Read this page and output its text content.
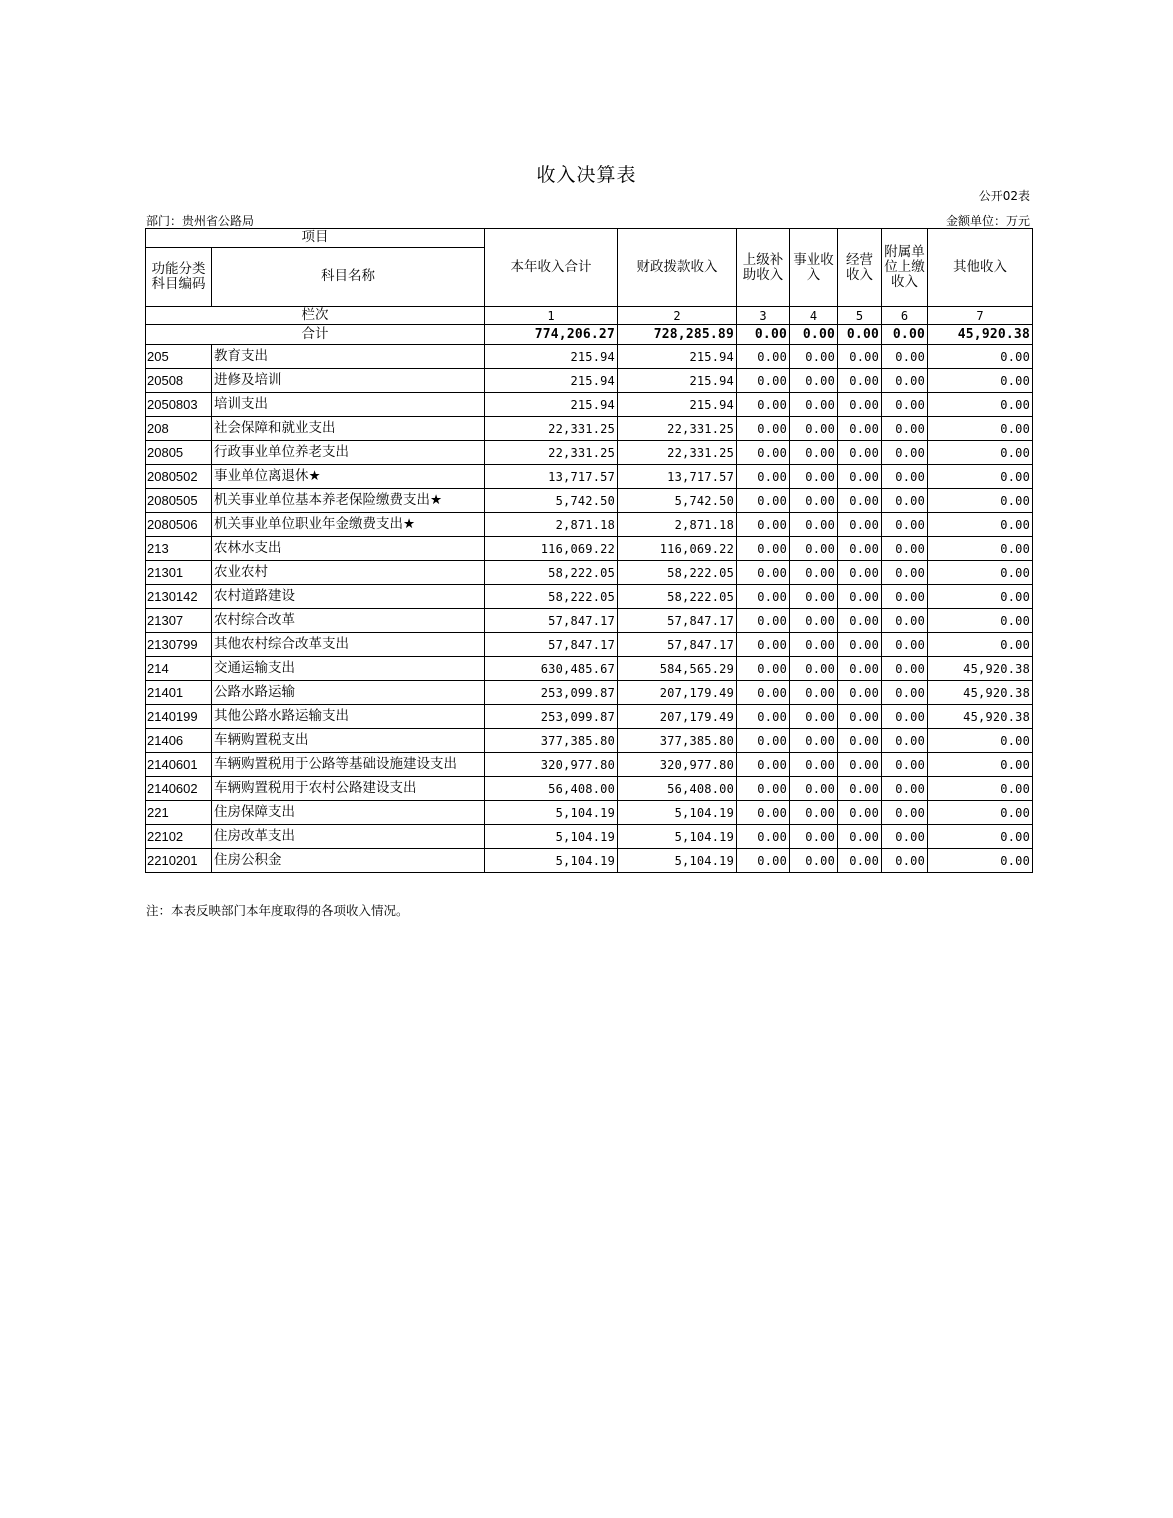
收入决算表
公开02表
部门：贵州省公路局	金额单位：万元
项目		本年收入合计	财政拨款收入	上级补助收入	事业收入	经营收入	附属单位上缴收入	其他收入
功能分类科目编码	科目名称							
栏次		1	2	3	4	5	6	7
合计		774,206.27	728,285.89	0.00	0.00	0.00	0.00	45,920.38
205	教育支出	215.94	215.94	0.00	0.00	0.00	0.00	0.00
20508	进修及培训	215.94	215.94	0.00	0.00	0.00	0.00	0.00
2050803	培训支出	215.94	215.94	0.00	0.00	0.00	0.00	0.00
208	社会保障和就业支出	22,331.25	22,331.25	0.00	0.00	0.00	0.00	0.00
20805	行政事业单位养老支出	22,331.25	22,331.25	0.00	0.00	0.00	0.00	0.00
2080502	事业单位离退休★	13,717.57	13,717.57	0.00	0.00	0.00	0.00	0.00
2080505	机关事业单位基本养老保险缴费支出★	5,742.50	5,742.50	0.00	0.00	0.00	0.00	0.00
2080506	机关事业单位职业年金缴费支出★	2,871.18	2,871.18	0.00	0.00	0.00	0.00	0.00
213	农林水支出	116,069.22	116,069.22	0.00	0.00	0.00	0.00	0.00
21301	农业农村	58,222.05	58,222.05	0.00	0.00	0.00	0.00	0.00
2130142	农村道路建设	58,222.05	58,222.05	0.00	0.00	0.00	0.00	0.00
21307	农村综合改革	57,847.17	57,847.17	0.00	0.00	0.00	0.00	0.00
2130799	其他农村综合改革支出	57,847.17	57,847.17	0.00	0.00	0.00	0.00	0.00
214	交通运输支出	630,485.67	584,565.29	0.00	0.00	0.00	0.00	45,920.38
21401	公路水路运输	253,099.87	207,179.49	0.00	0.00	0.00	0.00	45,920.38
2140199	其他公路水路运输支出	253,099.87	207,179.49	0.00	0.00	0.00	0.00	45,920.38
21406	车辆购置税支出	377,385.80	377,385.80	0.00	0.00	0.00	0.00	0.00
2140601	车辆购置税用于公路等基础设施建设支出	320,977.80	320,977.80	0.00	0.00	0.00	0.00	0.00
2140602	车辆购置税用于农村公路建设支出	56,408.00	56,408.00	0.00	0.00	0.00	0.00	0.00
221	住房保障支出	5,104.19	5,104.19	0.00	0.00	0.00	0.00	0.00
22102	住房改革支出	5,104.19	5,104.19	0.00	0.00	0.00	0.00	0.00
2210201	住房公积金	5,104.19	5,104.19	0.00	0.00	0.00	0.00	0.00
注：本表反映部门本年度取得的各项收入情况。
